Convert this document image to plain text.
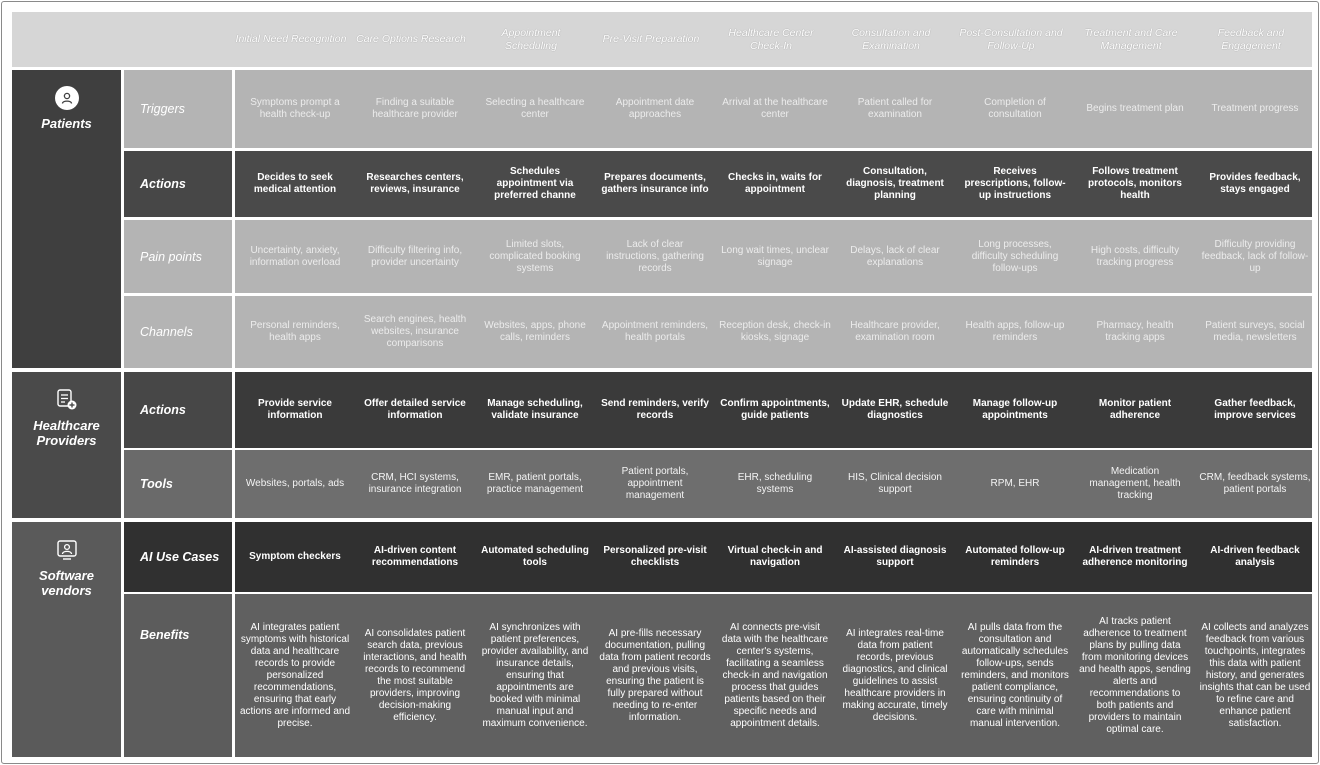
Initial Need Recognition Care Options Research
Appointment Scheduling
Pre-Visit Preparation
Healthcare Center Check-In
Consultation and Examination
Post-Consultation and Follow-Up
Treatment and Care Management
Feedback and Engagement
Patients
Triggers
Actions
Pain points
Channels
Symptoms prompt a health check-up
Finding a suitable healthcare provider
Selecting a healthcare center
Appointment date approaches
Arrival at the healthcare center
Patient called for examination
Completion of consultation
Begins treatment plan	Treatment progress
Decides to seek medical attention
Researches centers, reviews, insurance
Schedules appointment via preferred channe
Prepares documents, gathers insurance info
Checks in, waits for appointment
Consultation, diagnosis, treatment planning
Receives prescriptions, follow-up instructions
Follows treatment protocols, monitors health
Provides feedback, stays engaged
Uncertainty, anxiety, information overload
Difficulty filtering info, provider uncertainty
Limited slots, complicated booking systems
Lack of clear instructions, gathering records
Long wait times, unclear signage
Delays, lack of clear explanations
Long processes, difficulty scheduling follow-ups
High costs, difficulty tracking progress
Difficulty providing feedback, lack of follow-up
Personal reminders, health apps
Search engines, health websites, insurance comparisons
Websites, apps, phone calls, reminders
Appointment reminders, health portals
Reception desk, check-in kiosks, signage
Healthcare provider, examination room
Health apps, follow-up reminders
Pharmacy, health tracking apps
Patient surveys, social media, newsletters
Healthcare
Providers
Actions
Tools
Provide service information
Offer detailed service information
Manage scheduling, validate insurance
Send reminders, verify records
Confirm appointments, guide patients
Update EHR, schedule diagnostics
Manage follow-up appointments
Monitor patient adherence
Gather feedback, improve services
Websites, portals, ads
CRM, HCI systems, insurance integration
EMR, patient portals, practice management
Patient portals, appointment management
EHR, scheduling systems
HIS, Clinical decision support
RPM, EHR
Medication management, health tracking
CRM, feedback systems, patient portals
Software
vendors
AI Use Cases
Benefits
Symptom checkers
AI-driven content recommendations
Automated scheduling tools
Personalized pre-visit checklists
Virtual check-in and navigation
AI-assisted diagnosis support
Automated follow-up reminders
AI-driven treatment adherence monitoring
AI-driven feedback analysis
AI integrates patient symptoms with historical data and healthcare records to provide personalized recommendations, ensuring that early actions are informed and precise.
AI consolidates patient search data, previous interactions, and health records to recommend the most suitable providers, improving decision-making efficiency.
AI synchronizes with patient preferences, provider availability, and insurance details, ensuring that appointments are booked with minimal manual input and maximum convenience.
AI pre-fills necessary documentation, pulling data from patient records and previous visits, ensuring the patient is fully prepared without needing to re-enter information.
AI connects pre-visit data with the healthcare center's systems, facilitating a seamless check-in and navigation process that guides patients based on their specific needs and appointment details.
AI integrates real-time data from patient records, previous diagnostics, and clinical guidelines to assist healthcare providers in making accurate, timely decisions.
AI pulls data from the consultation and automatically schedules follow-ups, sends reminders, and monitors patient compliance, ensuring continuity of care with minimal manual intervention.
AI tracks patient adherence to treatment plans by pulling data from monitoring devices and health apps, sending alerts and recommendations to both patients and providers to maintain optimal care.
AI collects and analyzes feedback from various touchpoints, integrates this data with patient history, and generates insights that can be used to refine care and enhance patient satisfaction.
